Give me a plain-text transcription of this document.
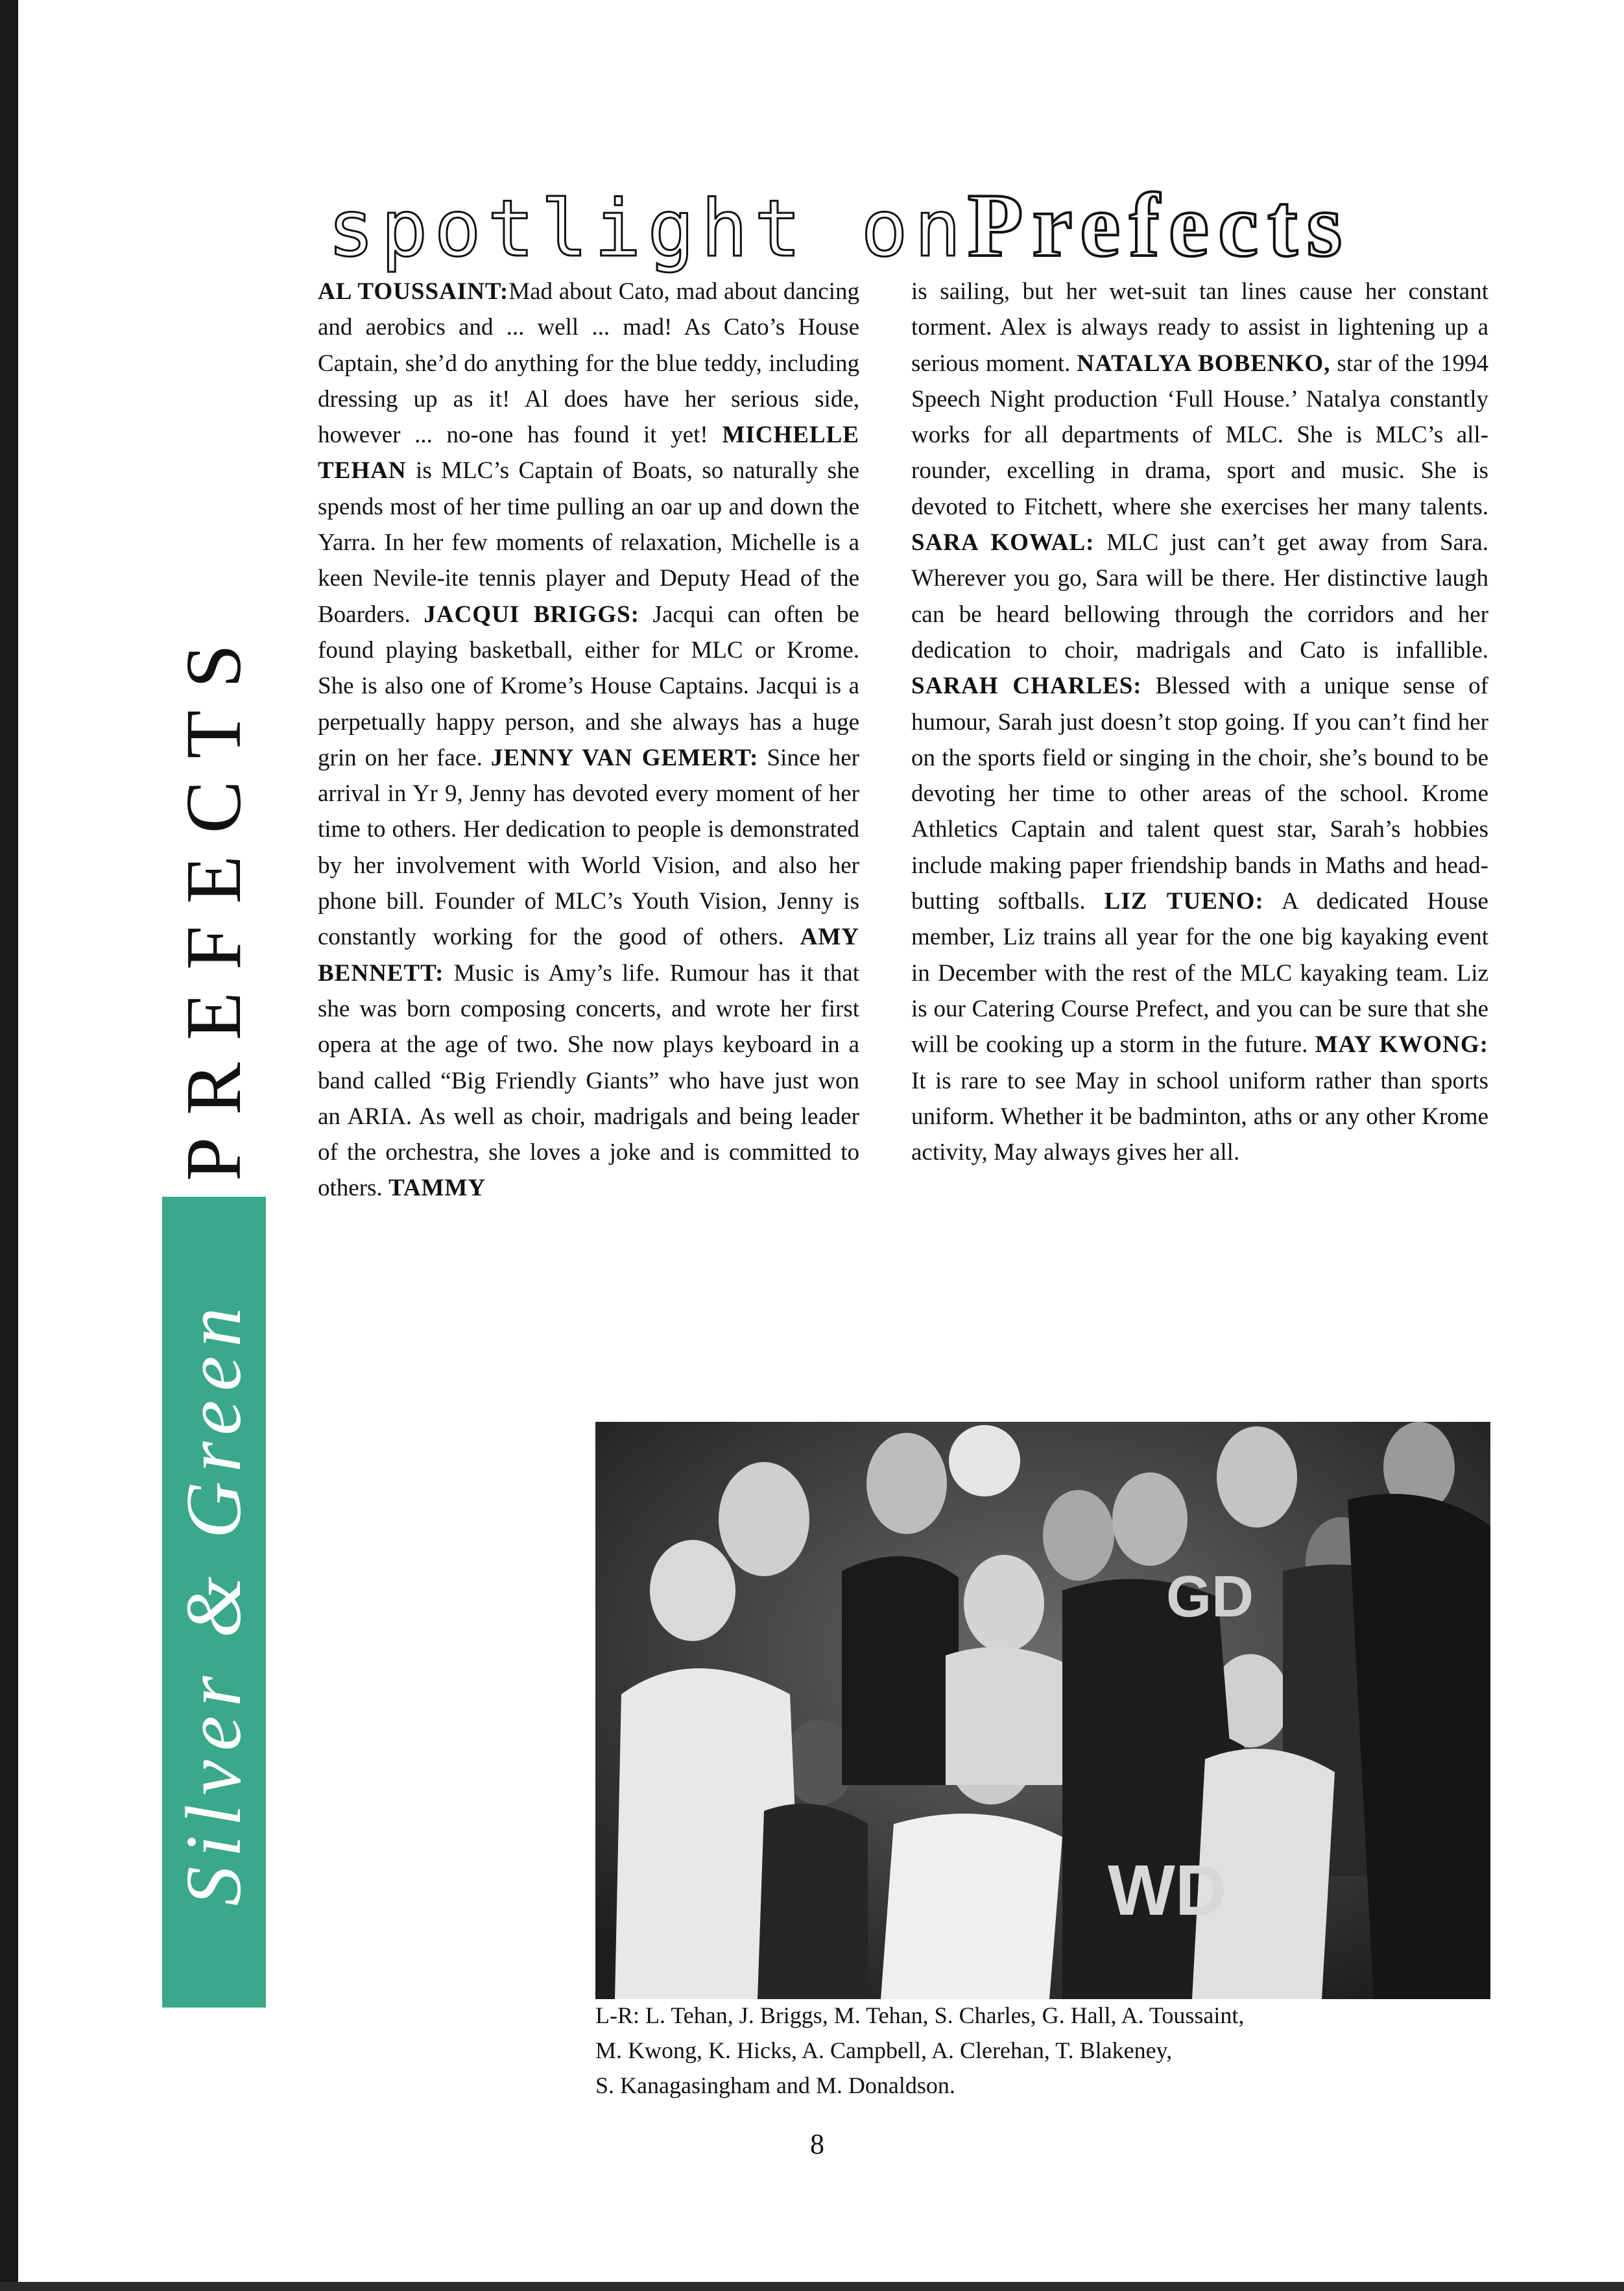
spotlight onPrefects
Silver & GreenPREFECTS

AL TOUSSAINT:Mad about Cato, mad about dancing and aerobics and ... well ... mad! As Cato’s House Captain, she’d do anything for the blue teddy, including dressing up as it! Al does have her serious side, however ... no-one has found it yet! MICHELLE TEHAN is MLC’s Captain of Boats, so naturally she spends most of her time pulling an oar up and down the Yarra. In her few moments of relaxation, Michelle is a keen Nevile-ite tennis player and Deputy Head of the Boarders. JACQUI BRIGGS: Jacqui can often be found playing basketball, either for MLC or Krome. She is also one of Krome’s House Captains. Jacqui is a perpetually happy person, and she always has a huge grin on her face. JENNY VAN GEMERT: Since her arrival in Yr 9, Jenny has devoted every moment of her time to others. Her dedication to people is demonstrated by her involvement with World Vision, and also her phone bill. Founder of MLC’s Youth Vision, Jenny is constantly working for the good of others. AMY BENNETT: Music is Amy’s life. Rumour has it that she was born composing concerts, and wrote her first opera at the age of two. She now plays keyboard in a band called “Big Friendly Giants” who have just won an ARIA. As well as choir, madrigals and being leader of the orchestra, she loves a joke and is committed to others. TAMMY

is sailing, but her wet-suit tan lines cause her constant torment. Alex is always ready to assist in lightening up a serious moment. NATALYA BOBENKO, star of the 1994 Speech Night production ‘Full House.’ Natalya constantly works for all departments of MLC. She is MLC’s all-rounder, excelling in drama, sport and music. She is devoted to Fitchett, where she exercises her many talents. SARA KOWAL: MLC just can’t get away from Sara. Wherever you go, Sara will be there. Her distinctive laugh can be heard bellowing through the corridors and her dedication to choir, madrigals and Cato is infallible. SARAH CHARLES: Blessed with a unique sense of humour, Sarah just doesn’t stop going. If you can’t find her on the sports field or singing in the choir, she’s bound to be devoting her time to other areas of the school. Krome Athletics Captain and talent quest star, Sarah’s hobbies include making paper friendship bands in Maths and head-butting softballs. LIZ TUENO: A dedicated House member, Liz trains all year for the one big kayaking event in December with the rest of the MLC kayaking team. Liz is our Catering Course Prefect, and you can be sure that she will be cooking up a storm in the future. MAY KWONG: It is rare to see May in school uniform rather than sports uniform. Whether it be badminton, aths or any other Krome activity, May always gives her all.

WD
GD
L-R: L. Tehan, J. Briggs, M. Tehan, S. Charles, G. Hall, A. Toussaint,
M. Kwong, K. Hicks, A. Campbell, A. Clerehan, T. Blakeney,
S. Kanagasingham and M. Donaldson.
8
